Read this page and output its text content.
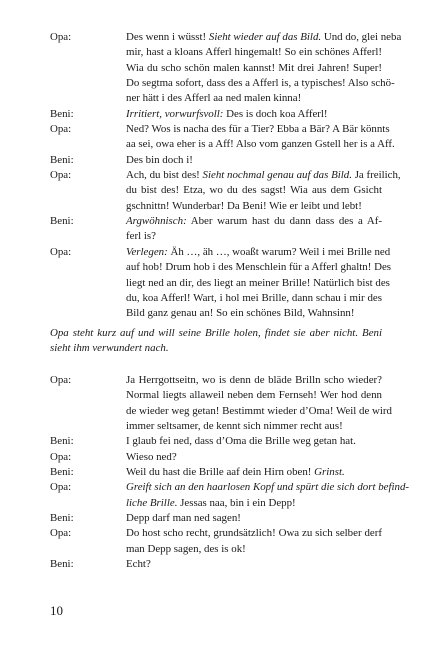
Opa:	Des wenn i wüsst! Sieht wieder auf das Bild. Und do, glei neba
mir, hast a kloans Afferl hingemalt! So ein schönes Afferl!
Wia du scho schön malen kannst! Mit drei Jahren! Super!
Do segtma sofort, dass des a Afferl is, a typisches! Also schö-
ner hätt i des Afferl aa ned malen kinna!
Beni:	Irritiert, vorwurfsvoll: Des is doch koa Afferl!
Opa:	Ned? Wos is nacha des für a Tier? Ebba a Bär? A Bär könnts
aa sei, owa eher is a Aff! Also vom ganzen Gstell her is a Aff.
Beni:	Des bin doch i!
Opa:	Ach, du bist des! Sieht nochmal genau auf das Bild. Ja freilich,
du bist des! Etza, wo du des sagst! Wia aus dem Gsicht
gschnittn! Wunderbar! Da Beni! Wie er leibt und lebt!
Beni:	Argwöhnisch: Aber warum hast du dann dass des a Af-
ferl is?
Opa:	Verlegen: Äh …, äh …, woaßt warum? Weil i mei Brille ned
auf hob! Drum hob i des Menschlein für a Afferl ghaltn! Des
liegt ned an dir, des liegt an meiner Brille! Natürlich bist des
du, koa Afferl! Wart, i hol mei Brille, dann schau i mir des
Bild ganz genau an! So ein schönes Bild, Wahnsinn!
Opa steht kurz auf und will seine Brille holen, findet sie aber nicht. Beni
sieht ihm verwundert nach.
Opa:	Ja Herrgottseitn, wo is denn de bläde Brilln scho wieder?
Normal liegts allaweil neben dem Fernseh! Wer hod denn
de wieder weg getan! Bestimmt wieder d’Oma! Weil de wird
immer seltsamer, de kennt sich nimmer recht aus!
Beni:	I glaub fei ned, dass d’Oma die Brille weg getan hat.
Opa:	Wieso ned?
Beni:	Weil du hast die Brille aaf dein Hirn oben! Grinst.
Opa:	Greift sich an den haarlosen Kopf und spürt die sich dort befind-
liche Brille. Jessas naa, bin i ein Depp!
Beni:	Depp darf man ned sagen!
Opa:	Do host scho recht, grundsätzlich! Owa zu sich selber derf
man Depp sagen, des is ok!
Beni:	Echt?
10
